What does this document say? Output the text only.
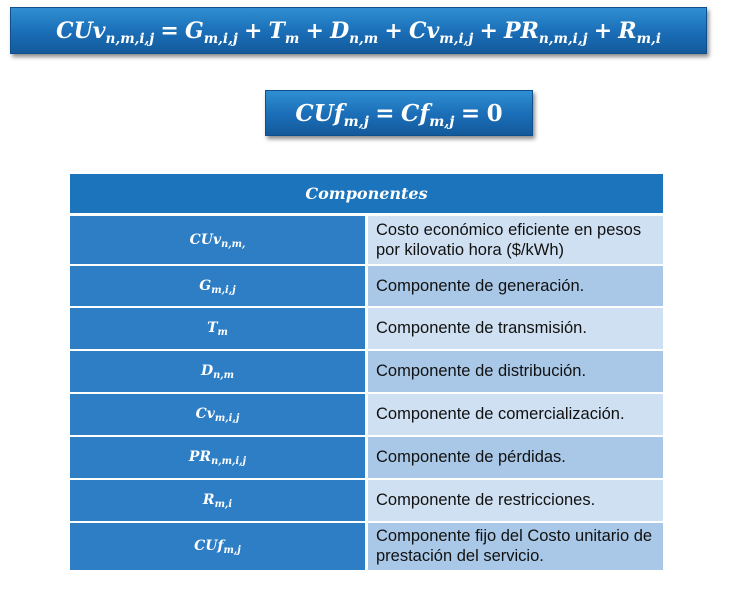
$CUv_{n,m,i,j} = G_{m,i,j} + T_m + D_{n,m} + Cv_{m,i,j} + PR_{n,m,i,j} + R_{m,i}$
$CUf_{m,j} = Cf_{m,j} = 0$
Componentes	
CUv$_{n,m,}$	Costo económico eficiente en pesos por kilovatio hora ($/kWh)
$G_{m,i,j}$	Componente de generación.
$T_m$	Componente de transmisión.
$D_{n,m}$	Componente de distribución.
$Cv_{m,i,j}$	Componente de comercialización.
$PR_{n,m,i,j}$	Componente de pérdidas.
$R_{m,i}$	Componente de restricciones.
CUf$_{m,j}$	Componente fijo del Costo unitario de prestación del servicio.
